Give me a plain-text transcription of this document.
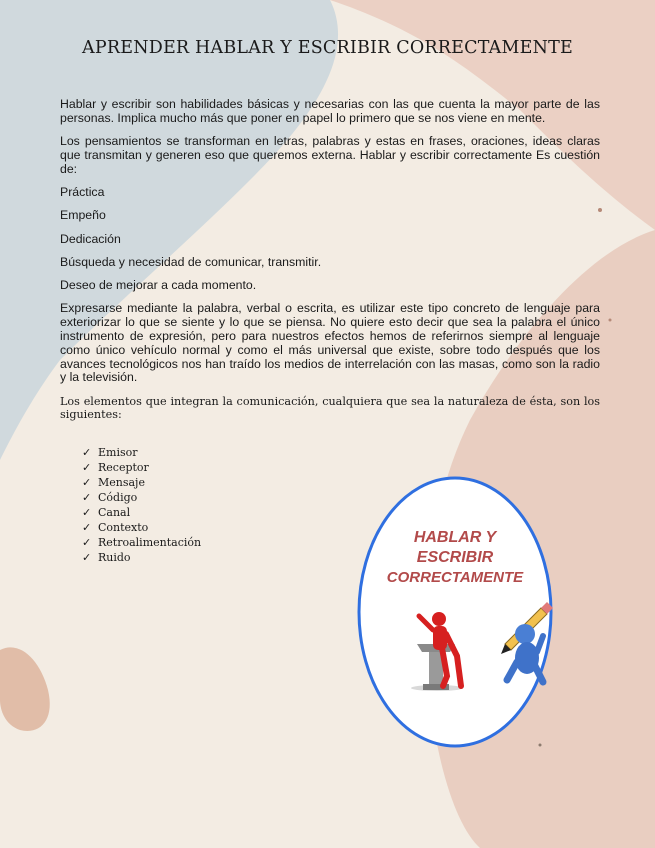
APRENDER HABLAR Y ESCRIBIR CORRECTAMENTE

Hablar y escribir son habilidades básicas y necesarias con las que cuenta la mayor parte de las personas. Implica mucho más que poner en papel lo primero que se nos viene en mente.

Los pensamientos se transforman en letras, palabras y estas en frases, oraciones, ideas claras que transmitan y generen eso que queremos externa. Hablar y escribir correctamente Es cuestión de:

Práctica

Empeño

Dedicación

Búsqueda y necesidad de comunicar, transmitir.

Deseo de mejorar a cada momento.

Expresarse mediante la palabra, verbal o escrita, es utilizar este tipo concreto de lenguaje para exteriorizar lo que se siente y lo que se piensa. No quiere esto decir que sea la palabra el único instrumento de expresión, pero para nuestros efectos hemos de referirnos siempre al lenguaje como único vehículo normal y como el más universal que existe, sobre todo después que los avances tecnológicos nos han traído los medios de interrelación con las masas, como son la radio y la televisión.

Los elementos que integran la comunicación, cualquiera que sea la naturaleza de ésta, son los siguientes:

✓ Emisor
✓ Receptor
✓ Mensaje
✓ Código
✓ Canal
✓ Contexto
✓ Retroalimentación
✓ Ruido
HABLAR Y
ESCRIBIR
CORRECTAMENTE
